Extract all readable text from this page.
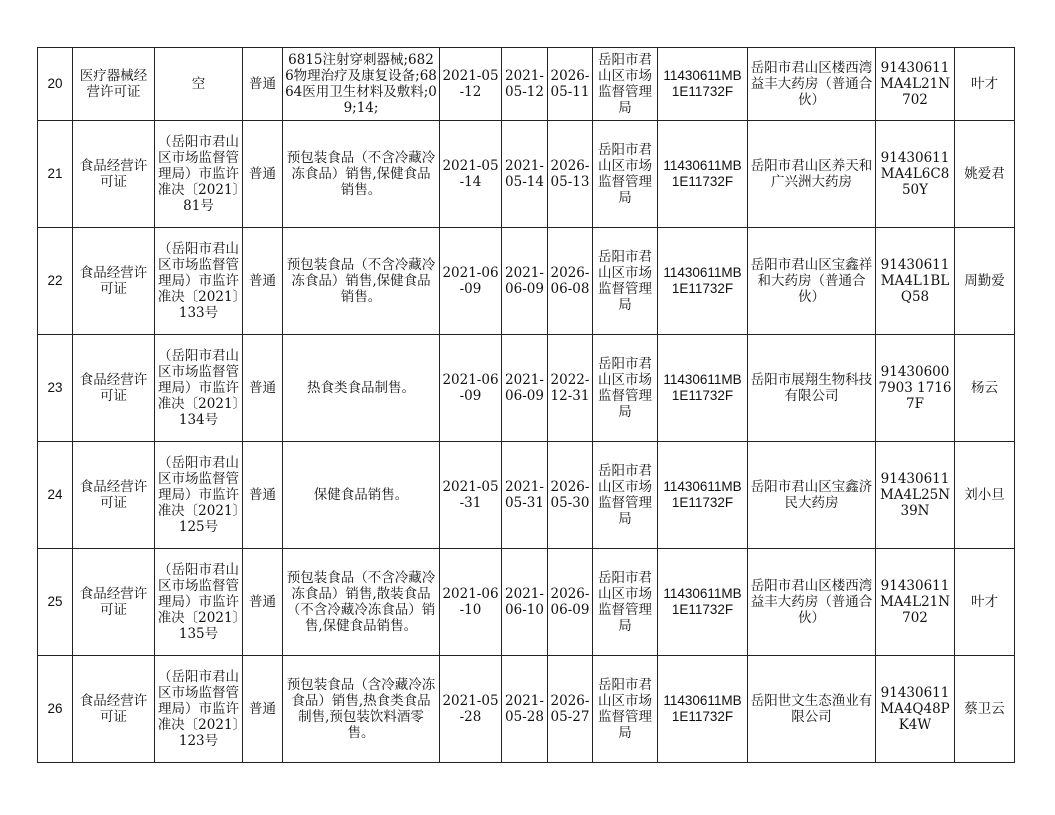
20	医疗器械经营许可证	空	普通	6815注射穿刺器械;6826物理治疗及康复设备;6864医用卫生材料及敷料;09;14;	2021-05-12	2021-05-12	2026-05-11	岳阳市君山区市场监督管理局	11430611MB1E11732F	岳阳市君山区楼西湾益丰大药房（普通合伙）	91430611MA4L21N702	叶才

21	食品经营许可证	（岳阳市君山区市场监督管理局）市监许准决〔2021〕81号	普通	预包装食品（不含冷藏冷冻食品）销售,保健食品销售。	2021-05-14	2021-05-14	2026-05-13	岳阳市君山区市场监督管理局	11430611MB1E11732F	岳阳市君山区养天和广兴洲大药房	91430611MA4L6C850Y	姚爱君

22	食品经营许可证	（岳阳市君山区市场监督管理局）市监许准决〔2021〕133号	普通	预包装食品（不含冷藏冷冻食品）销售,保健食品销售。	2021-06-09	2021-06-09	2026-06-08	岳阳市君山区市场监督管理局	11430611MB1E11732F	岳阳市君山区宝鑫祥和大药房（普通合伙）	91430611MA4L1BLQ58	周勤爱

23	食品经营许可证	（岳阳市君山区市场监督管理局）市监许准决〔2021〕134号	普通	热食类食品制售。	2021-06-09	2021-06-09	2022-12-31	岳阳市君山区市场监督管理局	11430611MB1E11732F	岳阳市展翔生物科技有限公司	914306007903 17167F	杨云

24	食品经营许可证	（岳阳市君山区市场监督管理局）市监许准决〔2021〕125号	普通	保健食品销售。	2021-05-31	2021-05-31	2026-05-30	岳阳市君山区市场监督管理局	11430611MB1E11732F	岳阳市君山区宝鑫济民大药房	91430611MA4L25N39N	刘小旦

25	食品经营许可证	（岳阳市君山区市场监督管理局）市监许准决〔2021〕135号	普通	预包装食品（不含冷藏冷冻食品）销售,散装食品（不含冷藏冷冻食品）销售,保健食品销售。	2021-06-10	2021-06-10	2026-06-09	岳阳市君山区市场监督管理局	11430611MB1E11732F	岳阳市君山区楼西湾益丰大药房（普通合伙）	91430611MA4L21N702	叶才

26	食品经营许可证	（岳阳市君山区市场监督管理局）市监许准决〔2021〕123号	普通	预包装食品（含冷藏冷冻食品）销售,热食类食品制售,预包装饮料酒零售。	2021-05-28	2021-05-28	2026-05-27	岳阳市君山区市场监督管理局	11430611MB1E11732F	岳阳世文生态渔业有限公司	91430611MA4Q48PK4W	蔡卫云
